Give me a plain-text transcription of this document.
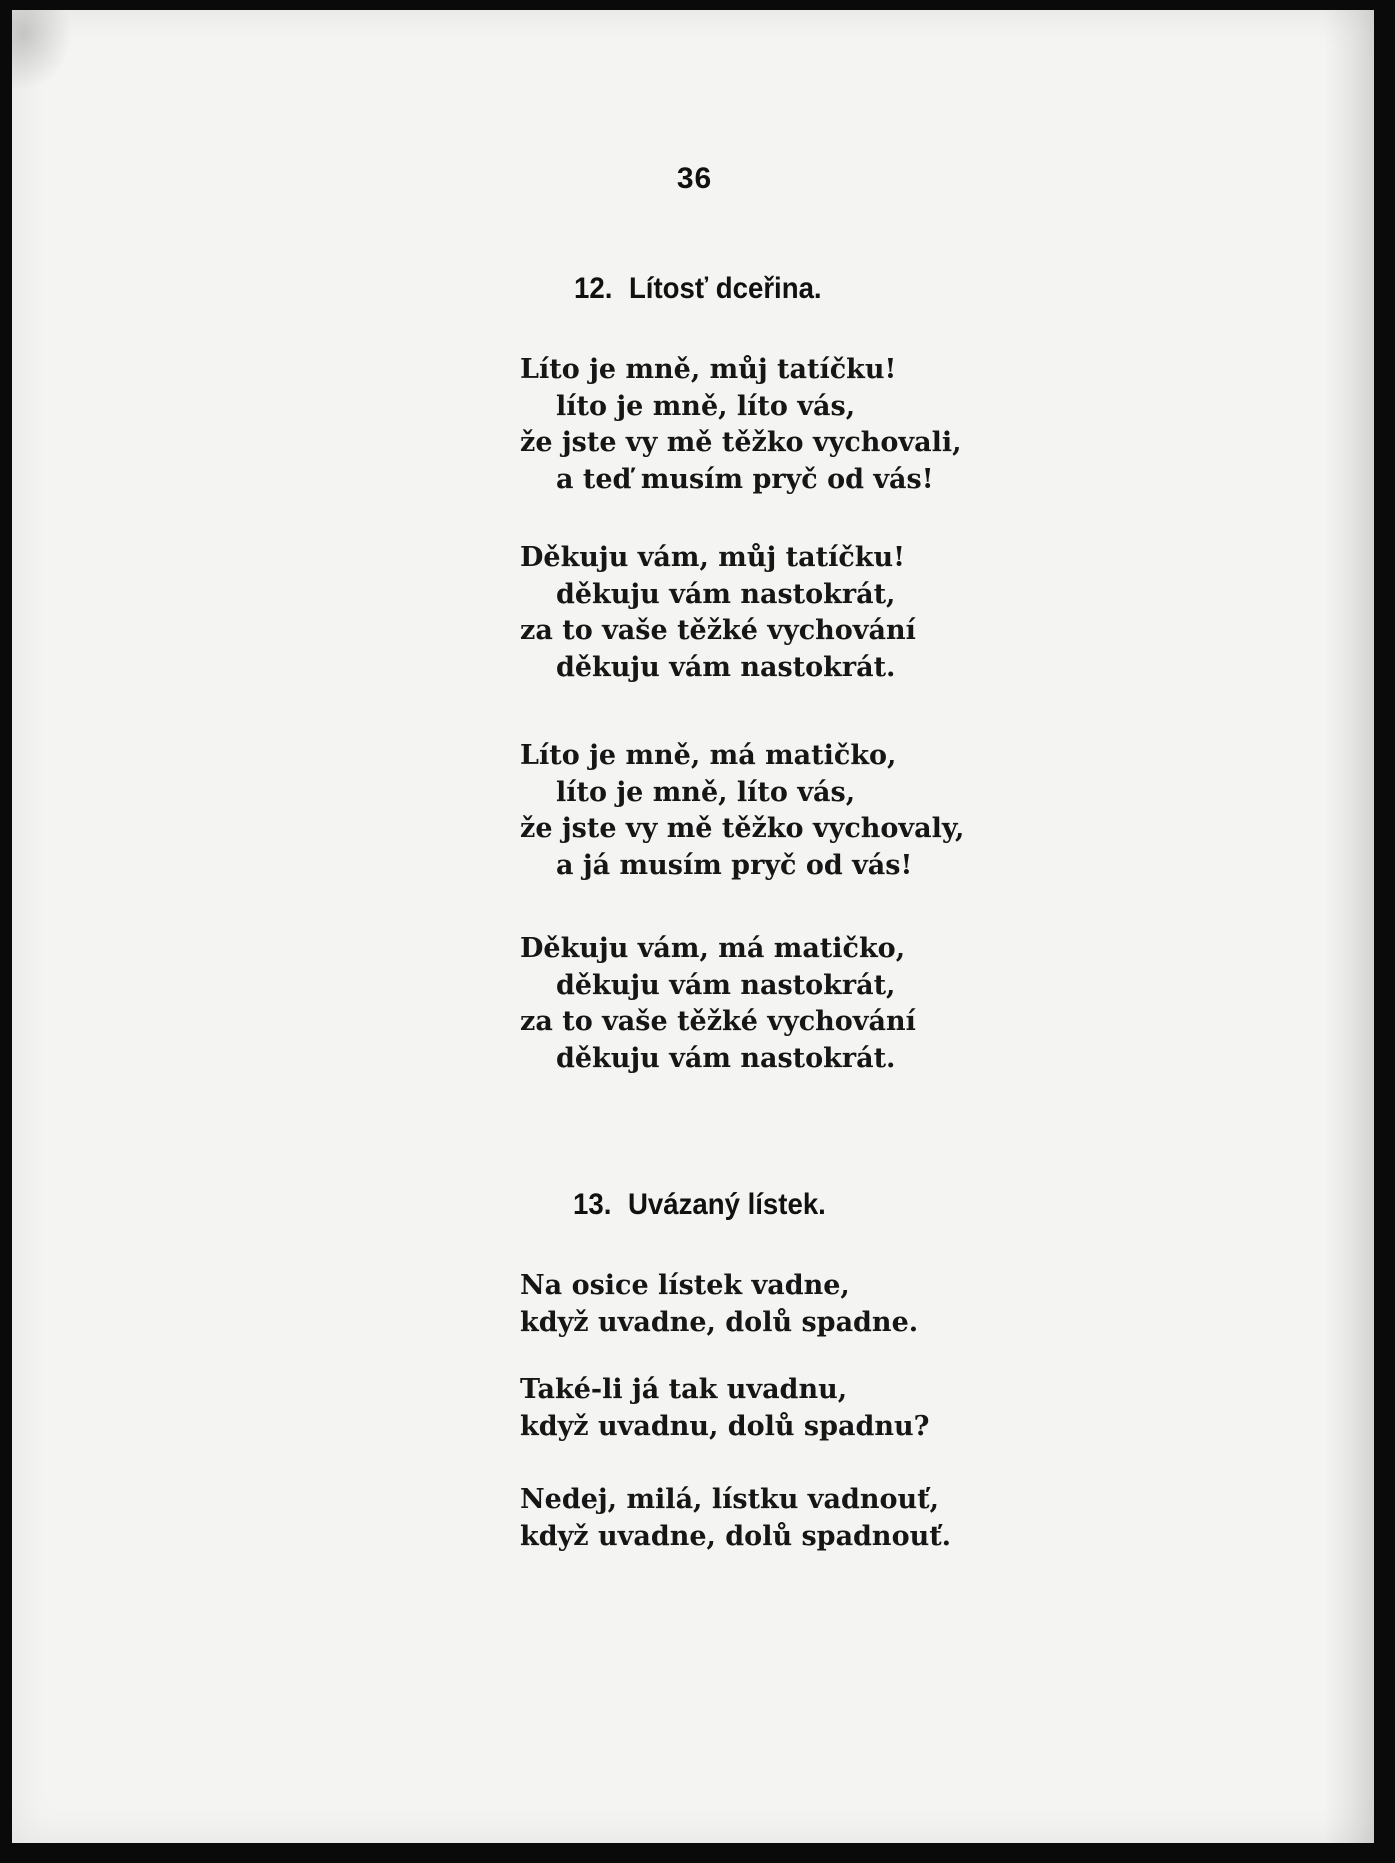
36
12. Lítosť dceřina.
Líto je mně, můj tatíčku!
líto je mně, líto vás,
že jste vy mě těžko vychovali,
a teď musím pryč od vás!
Děkuju vám, můj tatíčku!
děkuju vám nastokrát,
za to vaše těžké vychování
děkuju vám nastokrát.
Líto je mně, má matičko,
líto je mně, líto vás,
že jste vy mě těžko vychovaly,
a já musím pryč od vás!
Děkuju vám, má matičko,
děkuju vám nastokrát,
za to vaše těžké vychování
děkuju vám nastokrát.
13. Uvázaný lístek.
Na osice lístek vadne,
když uvadne, dolů spadne.
Také-li já tak uvadnu,
když uvadnu, dolů spadnu?
Nedej, milá, lístku vadnouť,
když uvadne, dolů spadnouť.
